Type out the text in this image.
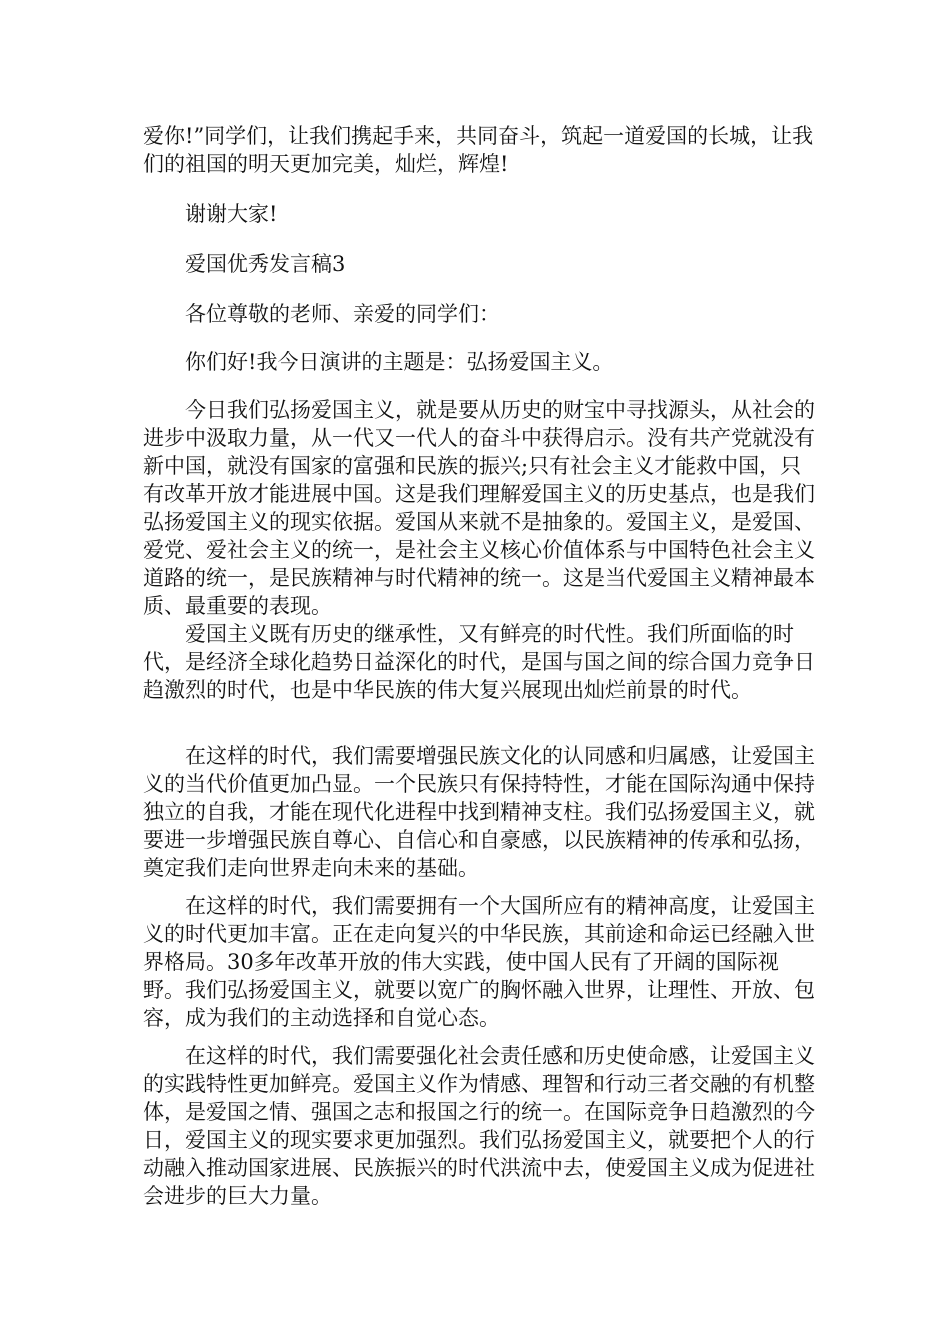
爱你!”同学们，让我们携起手来，共同奋斗，筑起一道爱国的长城，让我们的祖国的明天更加完美，灿烂，辉煌!

谢谢大家!

爱国优秀发言稿3

各位尊敬的老师、亲爱的同学们：

你们好!我今日演讲的主题是：弘扬爱国主义。

今日我们弘扬爱国主义，就是要从历史的财宝中寻找源头，从社会的进步中汲取力量，从一代又一代人的奋斗中获得启示。没有共产党就没有新中国，就没有国家的富强和民族的振兴;只有社会主义才能救中国，只有改革开放才能进展中国。这是我们理解爱国主义的历史基点，也是我们弘扬爱国主义的现实依据。爱国从来就不是抽象的。爱国主义，是爱国、爱党、爱社会主义的统一，是社会主义核心价值体系与中国特色社会主义道路的统一，是民族精神与时代精神的统一。这是当代爱国主义精神最本质、最重要的表现。

爱国主义既有历史的继承性，又有鲜亮的时代性。我们所面临的时代，是经济全球化趋势日益深化的时代，是国与国之间的综合国力竞争日趋激烈的时代，也是中华民族的伟大复兴展现出灿烂前景的时代。

在这样的时代，我们需要增强民族文化的认同感和归属感，让爱国主义的当代价值更加凸显。一个民族只有保持特性，才能在国际沟通中保持独立的自我，才能在现代化进程中找到精神支柱。我们弘扬爱国主义，就要进一步增强民族自尊心、自信心和自豪感，以民族精神的传承和弘扬，奠定我们走向世界走向未来的基础。

在这样的时代，我们需要拥有一个大国所应有的精神高度，让爱国主义的时代更加丰富。正在走向复兴的中华民族，其前途和命运已经融入世界格局。30多年改革开放的伟大实践，使中国人民有了开阔的国际视野。我们弘扬爱国主义，就要以宽广的胸怀融入世界，让理性、开放、包容，成为我们的主动选择和自觉心态。

在这样的时代，我们需要强化社会责任感和历史使命感，让爱国主义的实践特性更加鲜亮。爱国主义作为情感、理智和行动三者交融的有机整体，是爱国之情、强国之志和报国之行的统一。在国际竞争日趋激烈的今日，爱国主义的现实要求更加强烈。我们弘扬爱国主义，就要把个人的行动融入推动国家进展、民族振兴的时代洪流中去，使爱国主义成为促进社会进步的巨大力量。
